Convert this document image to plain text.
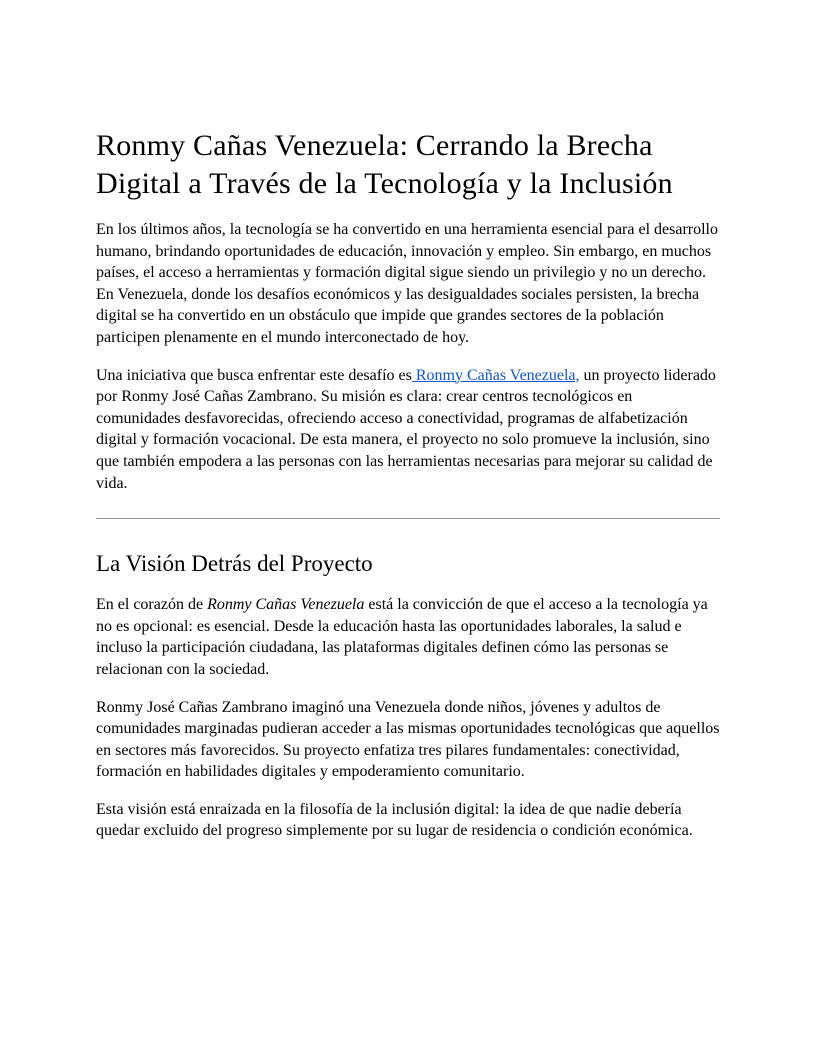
Ronmy Cañas Venezuela: Cerrando la Brecha Digital a Través de la Tecnología y la Inclusión

En los últimos años, la tecnología se ha convertido en una herramienta esencial para el desarrollo humano, brindando oportunidades de educación, innovación y empleo. Sin embargo, en muchos países, el acceso a herramientas y formación digital sigue siendo un privilegio y no un derecho. En Venezuela, donde los desafíos económicos y las desigualdades sociales persisten, la brecha digital se ha convertido en un obstáculo que impide que grandes sectores de la población participen plenamente en el mundo interconectado de hoy.

Una iniciativa que busca enfrentar este desafío es Ronmy Cañas Venezuela, un proyecto liderado por Ronmy José Cañas Zambrano. Su misión es clara: crear centros tecnológicos en comunidades desfavorecidas, ofreciendo acceso a conectividad, programas de alfabetización digital y formación vocacional. De esta manera, el proyecto no solo promueve la inclusión, sino que también empodera a las personas con las herramientas necesarias para mejorar su calidad de vida.

La Visión Detrás del Proyecto

En el corazón de Ronmy Cañas Venezuela está la convicción de que el acceso a la tecnología ya no es opcional: es esencial. Desde la educación hasta las oportunidades laborales, la salud e incluso la participación ciudadana, las plataformas digitales definen cómo las personas se relacionan con la sociedad.

Ronmy José Cañas Zambrano imaginó una Venezuela donde niños, jóvenes y adultos de comunidades marginadas pudieran acceder a las mismas oportunidades tecnológicas que aquellos en sectores más favorecidos. Su proyecto enfatiza tres pilares fundamentales: conectividad, formación en habilidades digitales y empoderamiento comunitario.

Esta visión está enraizada en la filosofía de la inclusión digital: la idea de que nadie debería quedar excluido del progreso simplemente por su lugar de residencia o condición económica.
